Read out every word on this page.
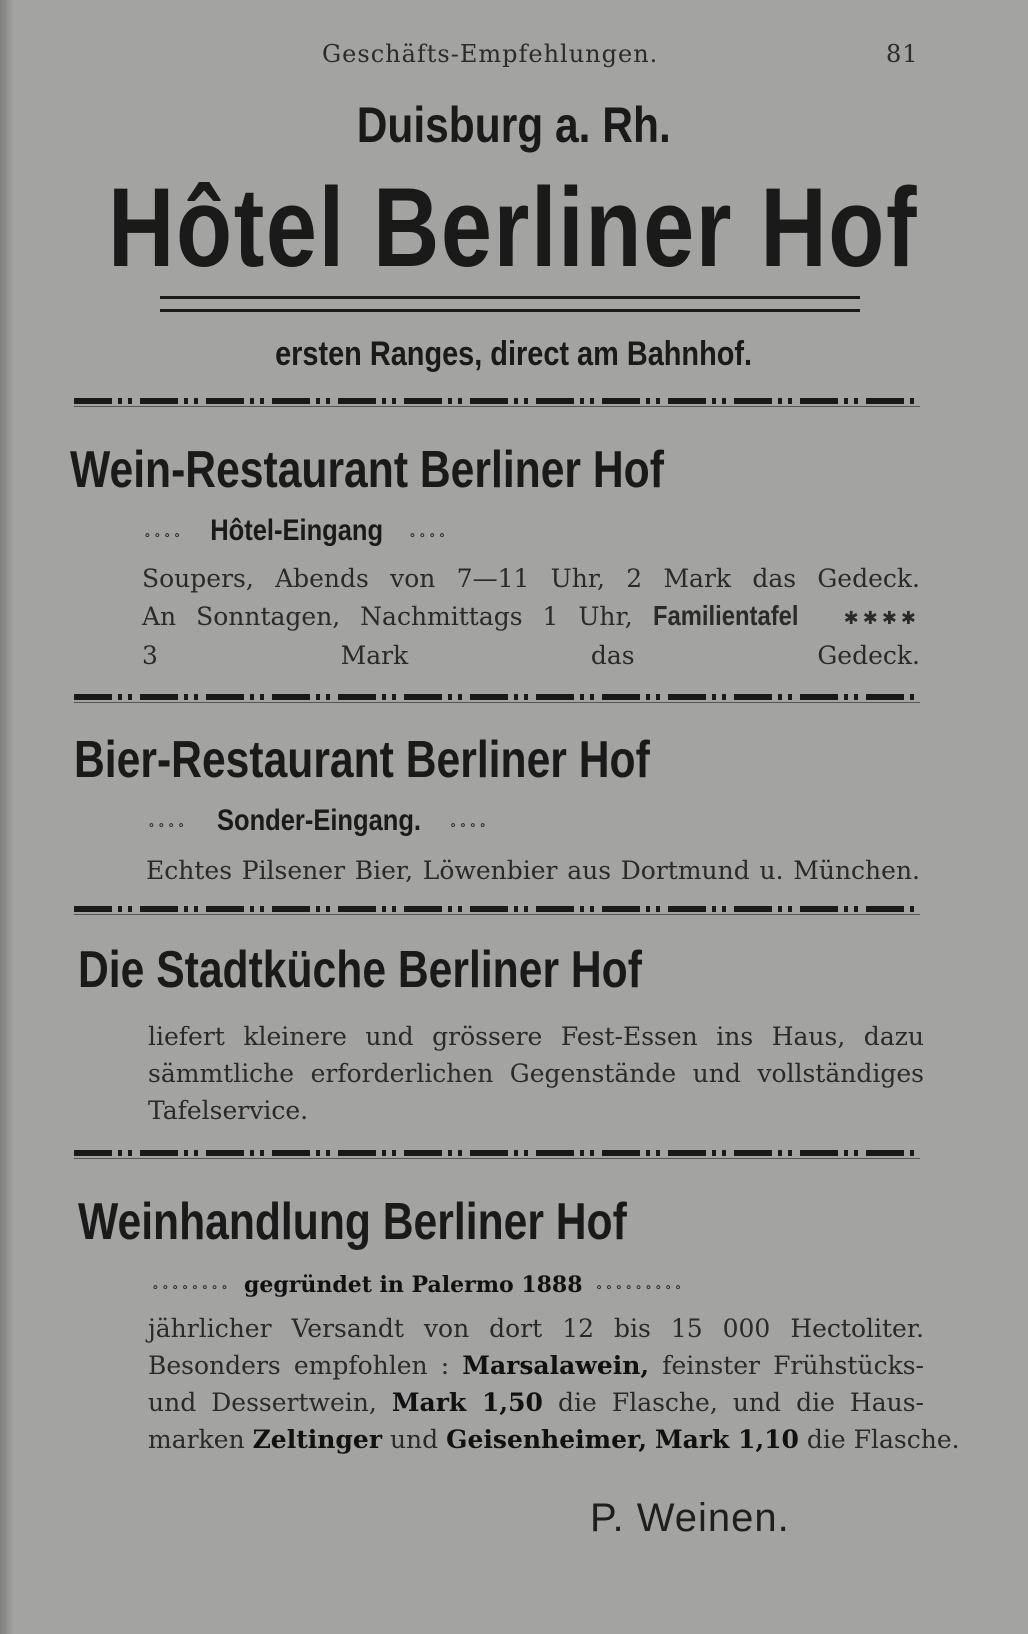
Geschäfts-Empfehlungen.	81
Duisburg a. Rh.
Hôtel Berliner Hof
ersten Ranges, direct am Bahnhof.
Wein-Restaurant Berliner Hof
∘∘∘∘ Hôtel-Eingang ∘∘∘∘
Soupers, Abends von 7—11 Uhr, 2 Mark das Gedeck.
An Sonntagen, Nachmittags 1 Uhr, Familientafel	✱✱✱✱
3 Mark das Gedeck.
Bier-Restaurant Berliner Hof
∘∘∘∘ Sonder-Eingang. ∘∘∘∘
Echtes Pilsener Bier, Löwenbier aus Dortmund u. München.
Die Stadtküche Berliner Hof
liefert kleinere und grössere Fest-Essen ins Haus, dazu
sämmtliche erforderlichen Gegenstände und vollständiges
Tafelservice.
Weinhandlung Berliner Hof
∘∘∘∘∘∘∘∘ gegründet in Palermo 1888 ∘∘∘∘∘∘∘∘∘
jährlicher Versandt von dort 12 bis 15 000 Hectoliter.
Besonders empfohlen : Marsalawein, feinster Frühstücks-
und Dessertwein, Mark 1,50 die Flasche, und die Haus-
marken Zeltinger und Geisenheimer, Mark 1,10 die Flasche.
P. Weinen.
